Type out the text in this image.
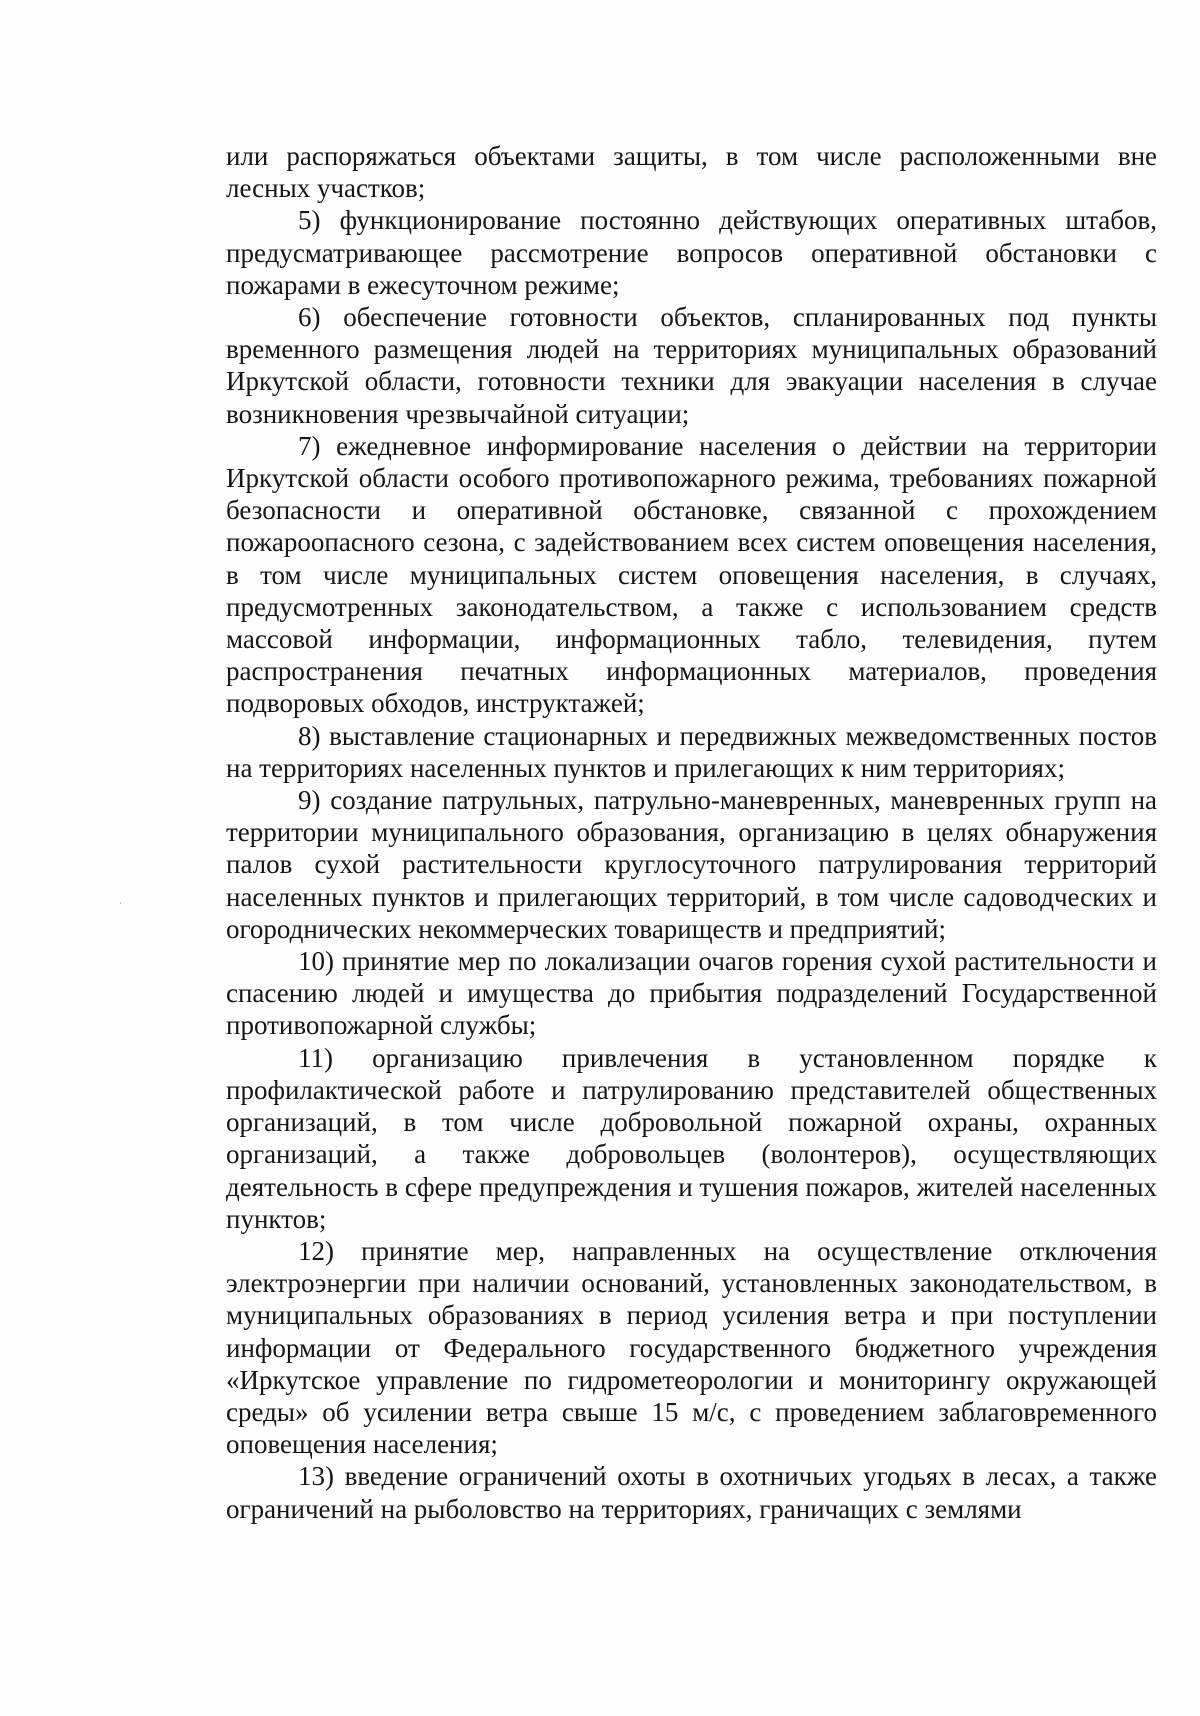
или распоряжаться объектами защиты, в том числе расположенными вне лесных участков;

5) функционирование постоянно действующих оперативных штабов, предусматривающее рассмотрение вопросов оперативной обстановки с пожарами в ежесуточном режиме;

6) обеспечение готовности объектов, спланированных под пункты временного размещения людей на территориях муниципальных образований Иркутской области, готовности техники для эвакуации населения в случае возникновения чрезвычайной ситуации;

7) ежедневное информирование населения о действии на территории Иркутской области особого противопожарного режима, требованиях пожарной безопасности и оперативной обстановке, связанной с прохождением пожароопасного сезона, с задействованием всех систем оповещения населения, в том числе муниципальных систем оповещения населения, в случаях, предусмотренных законодательством, а также с использованием средств массовой информации, информационных табло, телевидения, путем распространения печатных информационных материалов, проведения подворовых обходов, инструктажей;

8) выставление стационарных и передвижных межведомственных постов на территориях населенных пунктов и прилегающих к ним территориях;

9) создание патрульных, патрульно-маневренных, маневренных групп на территории муниципального образования, организацию в целях обнаружения палов сухой растительности круглосуточного патрулирования территорий населенных пунктов и прилегающих территорий, в том числе садоводческих и огороднических некоммерческих товариществ и предприятий;

10) принятие мер по локализации очагов горения сухой растительности и спасению людей и имущества до прибытия подразделений Государственной противопожарной службы;

11) организацию привлечения в установленном порядке к профилактической работе и патрулированию представителей общественных организаций, в том числе добровольной пожарной охраны, охранных организаций, а также добровольцев (волонтеров), осуществляющих деятельность в сфере предупреждения и тушения пожаров, жителей населенных пунктов;

12) принятие мер, направленных на осуществление отключения электроэнергии при наличии оснований, установленных законодательством, в муниципальных образованиях в период усиления ветра и при поступлении информации от Федерального государственного бюджетного учреждения «Иркутское управление по гидрометеорологии и мониторингу окружающей среды» об усилении ветра свыше 15 м/с, с проведением заблаговременного оповещения населения;

13) введение ограничений охоты в охотничьих угодьях в лесах, а также ограничений на рыболовство на территориях, граничащих с землями
